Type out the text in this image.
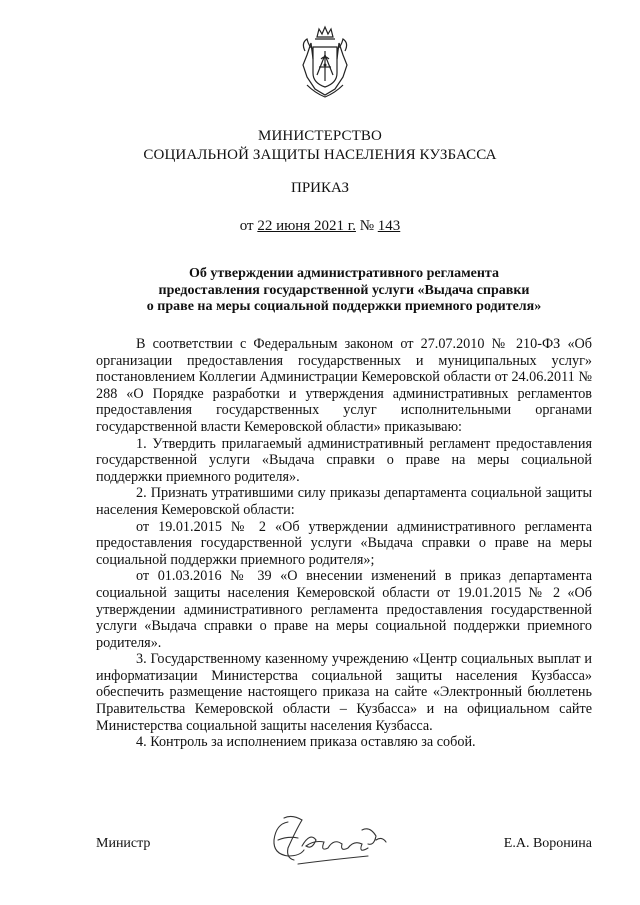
МИНИСТЕРСТВО
СОЦИАЛЬНОЙ ЗАЩИТЫ НАСЕЛЕНИЯ КУЗБАССА
ПРИКАЗ
от 22 июня 2021 г. № 143
Об утверждении административного регламента
предоставления государственной услуги «Выдача справки
о праве на меры социальной поддержки приемного родителя»

В соответствии с Федеральным законом от 27.07.2010 № 210-ФЗ «Об организации предоставления государственных и муниципальных услуг» постановлением Коллегии Администрации Кемеровской области от 24.06.2011 № 288 «О Порядке разработки и утверждения административных регламентов предоставления государственных услуг исполнительными органами государственной власти Кемеровской области» приказываю:

1. Утвердить прилагаемый административный регламент предоставления государственной услуги «Выдача справки о праве на меры социальной поддержки приемного родителя».

2. Признать утратившими силу приказы департамента социальной защиты населения Кемеровской области:

от 19.01.2015 № 2 «Об утверждении административного регламента предоставления государственной услуги «Выдача справки о праве на меры социальной поддержки приемного родителя»;

от 01.03.2016 № 39 «О внесении изменений в приказ департамента социальной защиты населения Кемеровской области от 19.01.2015 № 2 «Об утверждении административного регламента предоставления государственной услуги «Выдача справки о праве на меры социальной поддержки приемного родителя».

3. Государственному казенному учреждению «Центр социальных выплат и информатизации Министерства социальной защиты населения Кузбасса» обеспечить размещение настоящего приказа на сайте «Электронный бюллетень Правительства Кемеровской области – Кузбасса» и на официальном сайте Министерства социальной защиты населения Кузбасса.

4. Контроль за исполнением приказа оставляю за собой.

Министр	Е.А. Воронина
